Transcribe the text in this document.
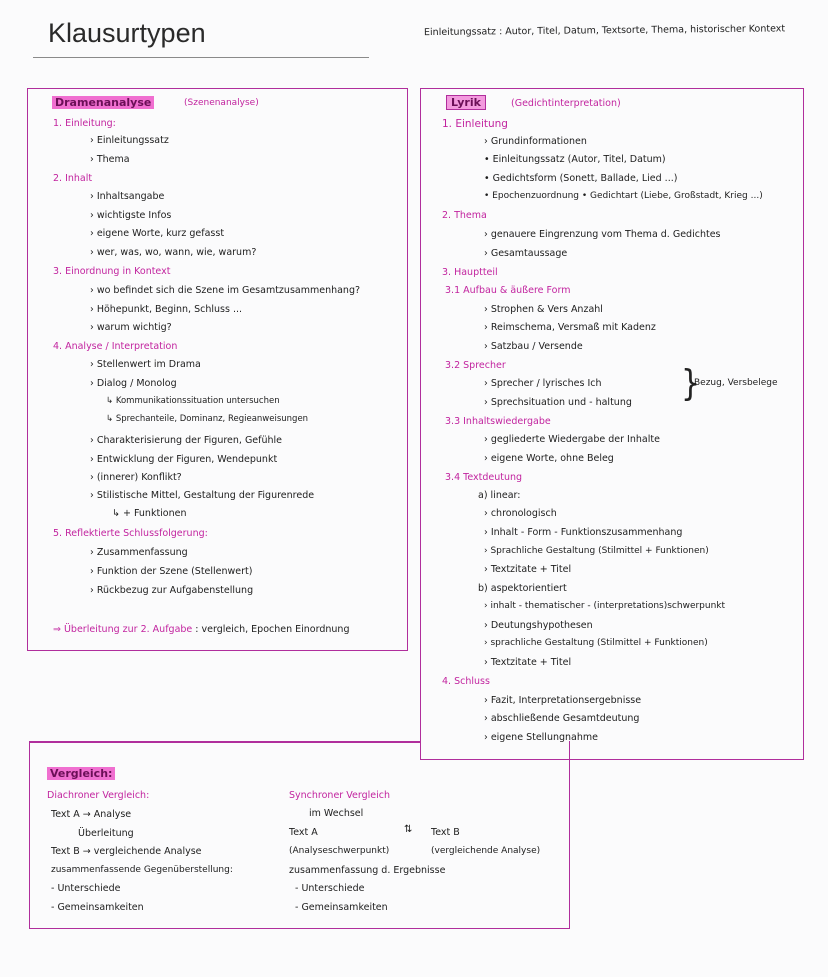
Klausurtypen	Einleitungssatz : Autor, Titel, Datum, Textsorte, Thema, historischer Kontext
Dramenanalyse	(Szenenanalyse)
1. Einleitung:
› Einleitungssatz
› Thema
2. Inhalt
› Inhaltsangabe
› wichtigste Infos
› eigene Worte, kurz gefasst
› wer, was, wo, wann, wie, warum?
3. Einordnung in Kontext
› wo befindet sich die Szene im Gesamtzusammenhang?
› Höhepunkt, Beginn, Schluss ...
› warum wichtig?
4. Analyse / Interpretation
› Stellenwert im Drama
› Dialog / Monolog
↳ Kommunikationssituation untersuchen
↳ Sprechanteile, Dominanz, Regieanweisungen
› Charakterisierung der Figuren, Gefühle
› Entwicklung der Figuren, Wendepunkt
› (innerer) Konflikt?
› Stilistische Mittel, Gestaltung der Figurenrede
↳ + Funktionen
5. Reflektierte Schlussfolgerung:
› Zusammenfassung
› Funktion der Szene (Stellenwert)
› Rückbezug zur Aufgabenstellung
⇒ Überleitung zur 2. Aufgabe : vergleich, Epochen Einordnung
Lyrik	(Gedichtinterpretation)
1. Einleitung
› Grundinformationen
• Einleitungssatz (Autor, Titel, Datum)
• Gedichtsform (Sonett, Ballade, Lied ...)
• Epochenzuordnung • Gedichtart (Liebe, Großstadt, Krieg ...)
2. Thema
› genauere Eingrenzung vom Thema d. Gedichtes
› Gesamtaussage
3. Hauptteil
3.1 Aufbau & äußere Form
› Strophen & Vers Anzahl
› Reimschema, Versmaß mit Kadenz
› Satzbau / Versende
3.2 Sprecher
› Sprecher / lyrisches Ich
› Sprechsituation und - haltung }
Bezug, Versbelege
3.3 Inhaltswiedergabe
› gegliederte Wiedergabe der Inhalte
› eigene Worte, ohne Beleg
3.4 Textdeutung
a) linear:
› chronologisch
› Inhalt - Form - Funktionszusammenhang
› Sprachliche Gestaltung (Stilmittel + Funktionen)
› Textzitate + Titel
b) aspektorientiert
› inhalt - thematischer - (interpretations)schwerpunkt
› Deutungshypothesen
› sprachliche Gestaltung (Stilmittel + Funktionen)
› Textzitate + Titel
4. Schluss
› Fazit, Interpretationsergebnisse
› abschließende Gesamtdeutung
› eigene Stellungnahme
Vergleich:
Diachroner Vergleich:
Text A → Analyse
Überleitung
Text B → vergleichende Analyse
zusammenfassende Gegenüberstellung:
- Unterschiede
- Gemeinsamkeiten
Synchroner Vergleich
im Wechsel
Text A	⇅ Text B
(Analyseschwerpunkt)	(vergleichende Analyse)
zusammenfassung d. Ergebnisse
- Unterschiede
- Gemeinsamkeiten
